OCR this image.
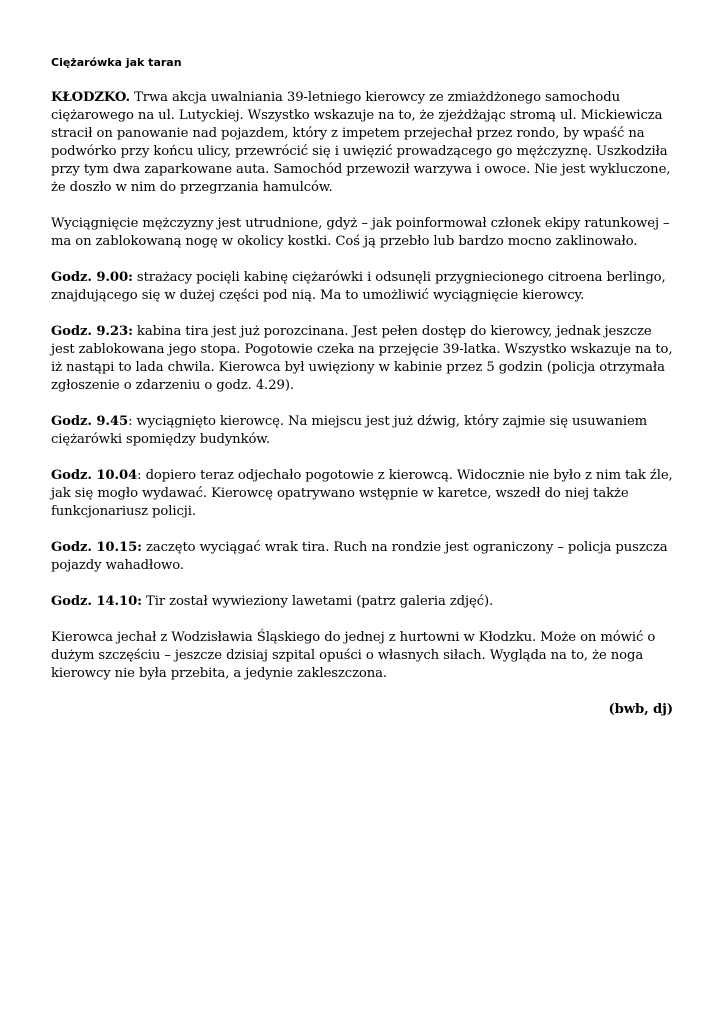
Ciężarówka jak taran

KŁODZKO. Trwa akcja uwalniania 39-letniego kierowcy ze zmiażdżonego samochodu ciężarowego na ul. Lutyckiej. Wszystko wskazuje na to, że zjeżdżając stromą ul. Mickiewicza stracił on panowanie nad pojazdem, który z impetem przejechał przez rondo, by wpaść na podwórko przy końcu ulicy, przewrócić się i uwięzić prowadzącego go mężczyznę. Uszkodziła przy tym dwa zaparkowane auta. Samochód przewoził warzywa i owoce. Nie jest wykluczone, że doszło w nim do przegrzania hamulców.

Wyciągnięcie mężczyzny jest utrudnione, gdyż – jak poinformował członek ekipy ratunkowej – ma on zablokowaną nogę w okolicy kostki. Coś ją przebło lub bardzo mocno zaklinowało.

Godz. 9.00: strażacy pocięli kabinę ciężarówki i odsunęli przygniecionego citroena berlingo, znajdującego się w dużej części pod nią. Ma to umożliwić wyciągnięcie kierowcy.

Godz. 9.23: kabina tira jest już porozcinana. Jest pełen dostęp do kierowcy, jednak jeszcze jest zablokowana jego stopa. Pogotowie czeka na przejęcie 39-latka. Wszystko wskazuje na to, iż nastąpi to lada chwila. Kierowca był uwięziony w kabinie przez 5 godzin (policja otrzymała zgłoszenie o zdarzeniu o godz. 4.29).

Godz. 9.45: wyciągnięto kierowcę. Na miejscu jest już dźwig, który zajmie się usuwaniem ciężarówki spomiędzy budynków.

Godz. 10.04: dopiero teraz odjechało pogotowie z kierowcą. Widocznie nie było z nim tak źle, jak się mogło wydawać. Kierowcę opatrywano wstępnie w karetce, wszedł do niej także funkcjonariusz policji.

Godz. 10.15: zaczęto wyciągać wrak tira. Ruch na rondzie jest ograniczony – policja puszcza pojazdy wahadłowo.

Godz. 14.10: Tir został wywieziony lawetami (patrz galeria zdjęć).

Kierowca jechał z Wodzisławia Śląskiego do jednej z hurtowni w Kłodzku. Może on mówić o dużym szczęściu – jeszcze dzisiaj szpital opuści o własnych siłach. Wygląda na to, że noga kierowcy nie była przebita, a jedynie zakleszczona.

(bwb, dj)
